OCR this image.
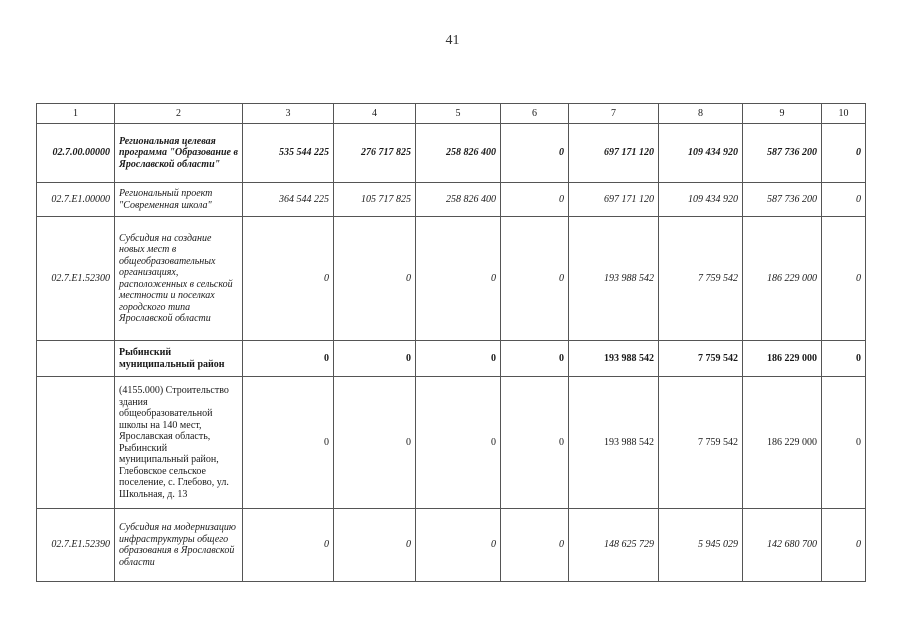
41
1	2	3	4	5	6	7	8	9	10
02.7.00.00000	Региональная целевая программа "Образование в Ярославской области"	535 544 225	276 717 825	258 826 400	0	697 171 120	109 434 920	587 736 200	0
02.7.E1.00000	Региональный проект "Современная школа"	364 544 225	105 717 825	258 826 400	0	697 171 120	109 434 920	587 736 200	0
02.7.E1.52300	Субсидия на создание новых мест в общеобразовательных организациях, расположенных в сельской местности и поселках городского типа Ярославской области	0	0	0	0	193 988 542	7 759 542	186 229 000	0
	Рыбинский муниципальный район	0	0	0	0	193 988 542	7 759 542	186 229 000	0
	(4155.000) Строительство здания общеобразовательной школы на 140 мест, Ярославская область, Рыбинский муниципальный район, Глебовское сельское поселение, с. Глебово, ул. Школьная, д. 13	0	0	0	0	193 988 542	7 759 542	186 229 000	0
02.7.E1.52390	Субсидия на модернизацию инфраструктуры общего образования в Ярославской области	0	0	0	0	148 625 729	5 945 029	142 680 700	0
